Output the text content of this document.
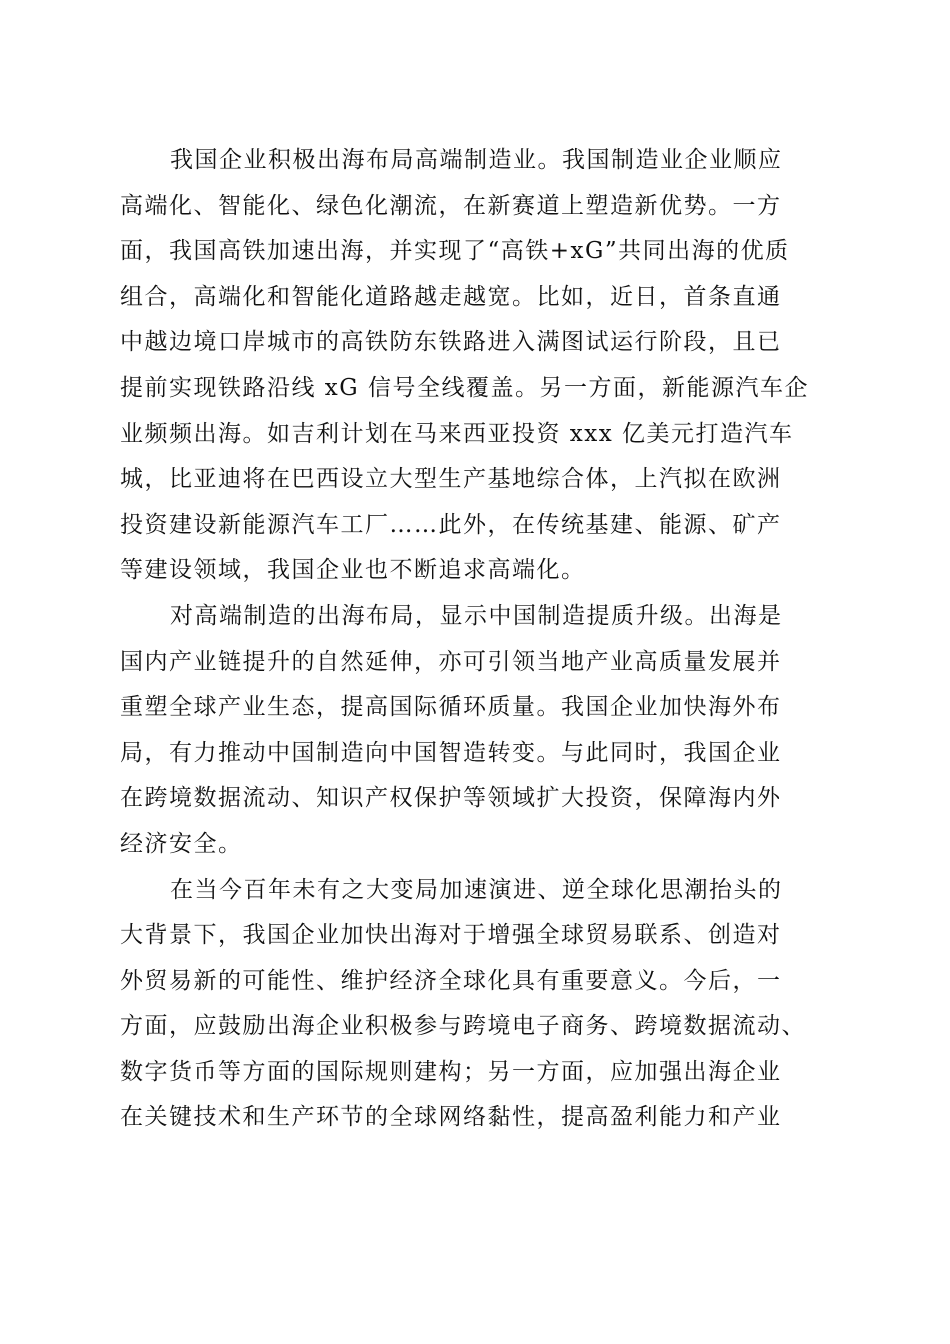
我国企业积极出海布局高端制造业。我国制造业企业顺应
高端化、智能化、绿色化潮流，在新赛道上塑造新优势。一方
面，我国高铁加速出海，并实现了“高铁+xG”共同出海的优质
组合，高端化和智能化道路越走越宽。比如，近日，首条直通
中越边境口岸城市的高铁防东铁路进入满图试运行阶段，且已
提前实现铁路沿线 xG 信号全线覆盖。另一方面，新能源汽车企
业频频出海。如吉利计划在马来西亚投资 xxx 亿美元打造汽车
城，比亚迪将在巴西设立大型生产基地综合体，上汽拟在欧洲
投资建设新能源汽车工厂……此外，在传统基建、能源、矿产
等建设领域，我国企业也不断追求高端化。
对高端制造的出海布局，显示中国制造提质升级。出海是
国内产业链提升的自然延伸，亦可引领当地产业高质量发展并
重塑全球产业生态，提高国际循环质量。我国企业加快海外布
局，有力推动中国制造向中国智造转变。与此同时，我国企业
在跨境数据流动、知识产权保护等领域扩大投资，保障海内外
经济安全。
在当今百年未有之大变局加速演进、逆全球化思潮抬头的
大背景下，我国企业加快出海对于增强全球贸易联系、创造对
外贸易新的可能性、维护经济全球化具有重要意义。今后，一
方面，应鼓励出海企业积极参与跨境电子商务、跨境数据流动、
数字货币等方面的国际规则建构；另一方面，应加强出海企业
在关键技术和生产环节的全球网络黏性，提高盈利能力和产业
